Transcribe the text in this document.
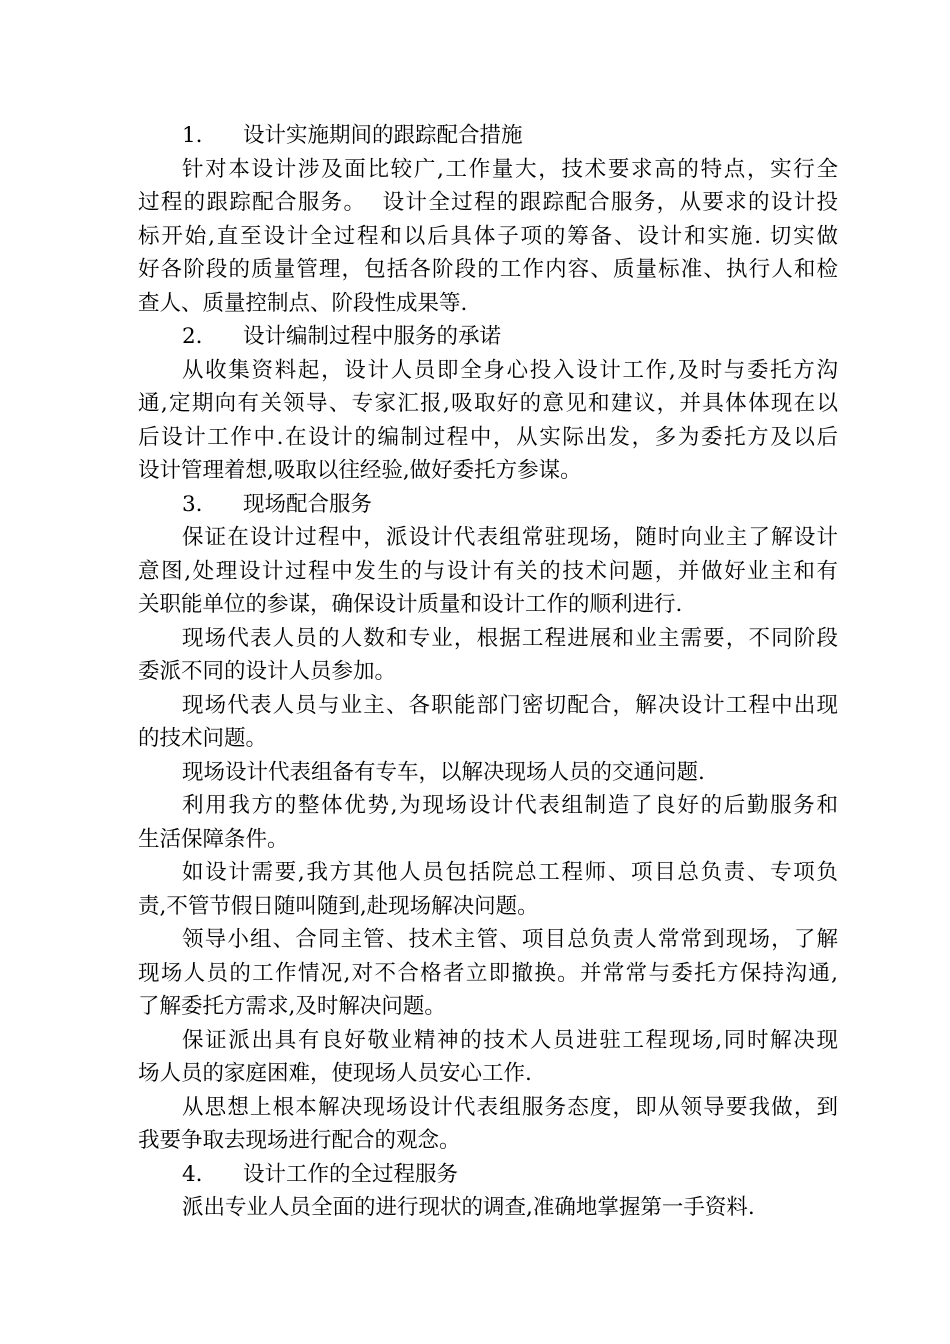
1.	设计实施期间的跟踪配合措施
针对本设计涉及面比较广,工作量大，技术要求高的特点，实行全
过程的跟踪配合服务。  设计全过程的跟踪配合服务，从要求的设计投
标开始,直至设计全过程和以后具体子项的筹备、设计和实施. 切实做
好各阶段的质量管理，包括各阶段的工作内容、质量标准、执行人和检
查人、质量控制点、阶段性成果等.
2.	设计编制过程中服务的承诺
从收集资料起，设计人员即全身心投入设计工作,及时与委托方沟
通,定期向有关领导、专家汇报,吸取好的意见和建议，并具体体现在以
后设计工作中.在设计的编制过程中，从实际出发，多为委托方及以后
设计管理着想,吸取以往经验,做好委托方参谋。
3.	现场配合服务
保证在设计过程中，派设计代表组常驻现场，随时向业主了解设计
意图,处理设计过程中发生的与设计有关的技术问题，并做好业主和有
关职能单位的参谋，确保设计质量和设计工作的顺利进行.
现场代表人员的人数和专业，根据工程进展和业主需要，不同阶段
委派不同的设计人员参加。
现场代表人员与业主、各职能部门密切配合，解决设计工程中出现
的技术问题。
现场设计代表组备有专车，以解决现场人员的交通问题.
利用我方的整体优势,为现场设计代表组制造了良好的后勤服务和
生活保障条件。
如设计需要,我方其他人员包括院总工程师、项目总负责、专项负
责,不管节假日随叫随到,赴现场解决问题。
领导小组、合同主管、技术主管、项目总负责人常常到现场，了解
现场人员的工作情况,对不合格者立即撤换。并常常与委托方保持沟通,
了解委托方需求,及时解决问题。
保证派出具有良好敬业精神的技术人员进驻工程现场,同时解决现
场人员的家庭困难，使现场人员安心工作.
从思想上根本解决现场设计代表组服务态度，即从领导要我做，到
我要争取去现场进行配合的观念。
4.	设计工作的全过程服务
派出专业人员全面的进行现状的调查,准确地掌握第一手资料.
